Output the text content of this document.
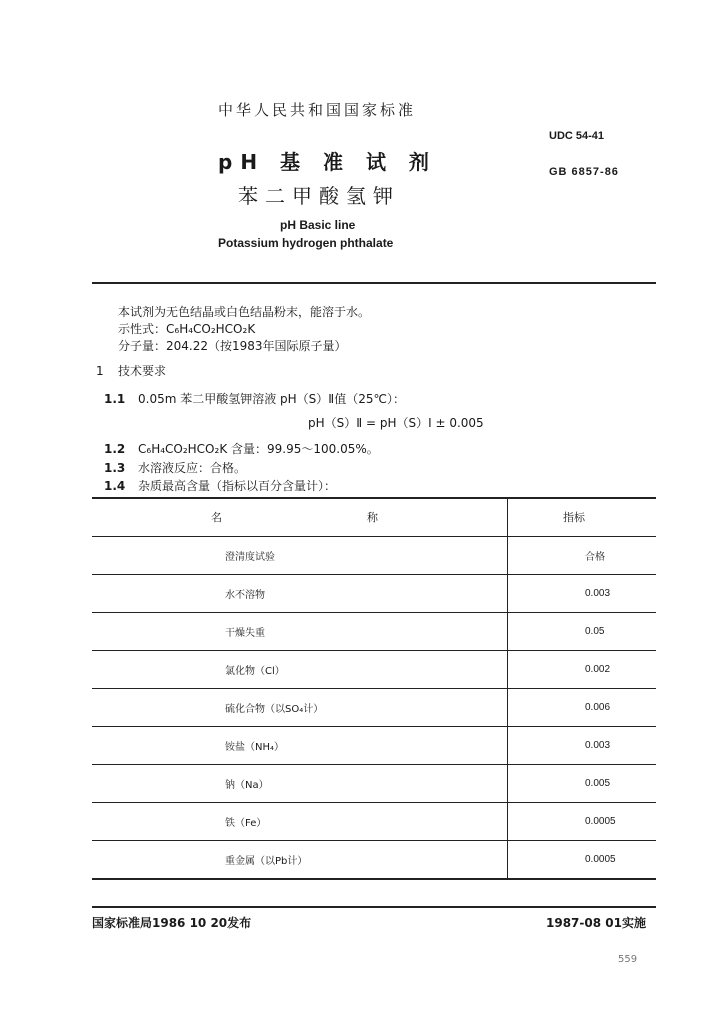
中华人民共和国国家标准
UDC 54-41
pH 基 准 试 剂	GB 6857-86
苯二甲酸氢钾
pH Basic line
Potassium hydrogen phthalate
本试剂为无色结晶或白色结晶粉末，能溶于水。
示性式：C₆H₄CO₂HCO₂K
分子量：204.22（按1983年国际原子量）
1 技术要求
1.1 0.05m 苯二甲酸氢钾溶液 pH（S）Ⅱ值（25℃）：
pH（S）Ⅱ = pH（S）Ⅰ ± 0.005
1.2 C₆H₄CO₂HCO₂K 含量：99.95～100.05%。
1.3 水溶液反应：合格。
1.4 杂质最高含量（指标以百分含量计）：
名 称	指 标

澄清度试验	合格
水不溶物	0.003
干燥失重	0.05
氯化物（Cl）	0.002
硫化合物（以SO₄计）	0.006
铵盐（NH₄）	0.003
钠（Na）	0.005
铁（Fe）	0.0005
重金属（以Pb计）	0.0005
国家标准局1986 10 20发布	1987-08 01实施
559
